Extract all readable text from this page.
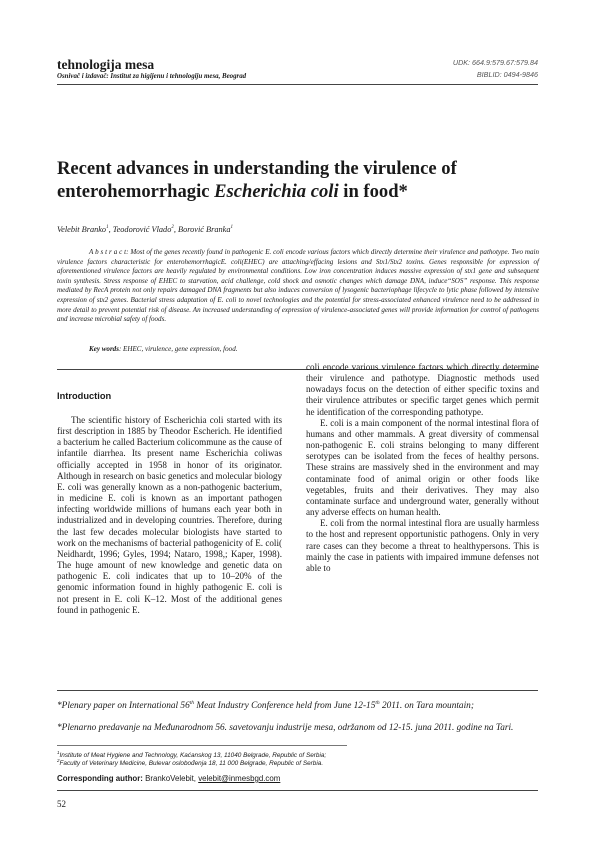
tehnologija mesa
Osnivač i izdavač: Institut za higijenu i tehnologiju mesa, Beograd
UDK: 664.9:579.67:579.84
BIBLID: 0494-9846
Recent advances in understanding the virulence of
enterohemorrhagic Escherichia coli in food*
Velebit Branko$^1$, Teodorović Vlado$^2$, Borović Branka$^1$

A b s t r a c t: Most of the genes recently found in pathogenic E. coli encode various factors which directly determine their virulence and pathotype. Two main virulence factors characteristic for enterohemorrhagicE. coli(EHEC) are attaching/effacing lesions and Stx1/Stx2 toxins. Genes responsible for expression of aforementioned virulence factors are heavily regulated by environmental conditions. Low iron concentration induces massive expression of stx1 gene and subsequent toxin synthesis. Stress response of EHEC to starvation, acid challenge, cold shock and osmotic changes which damage DNA, induce“SOS” response. This response mediated by RecA protein not only repairs damaged DNA fragments but also induces conversion of lysogenic bacteriophage lifecycle to lytic phase followed by intensive expression of stx2 genes. Bacterial stress adaptation of E. coli to novel technologies and the potential for stress-associated enhanced virulence need to be addressed in more detail to prevent potential risk of disease. An increased understanding of expression of virulence-associated genes will provide information for control of pathogens and increase microbial safety of foods.

Key words: EHEC, virulence, gene expression, food.
Introduction

The scientific history of Escherichia coli started with its first description in 1885 by Theodor Escherich. He identified a bacterium he called Bacterium colicommune as the cause of infantile diarrhea. Its present name Escherichia coliwas officially accepted in 1958 in honor of its originator. Although in research on basic genetics and molecular biology E. coli was generally known as a non-pathogenic bacterium, in medicine E. coli is known as an important pathogen infecting worldwide millions of humans each year both in industrialized and in developing countries. Therefore, during the last few decades molecular biologists have started to work on the mechanisms of bacterial pathogenicity of E. coli( Neidhardt, 1996; Gyles, 1994; Nataro, 1998,; Kaper, 1998). The huge amount of new knowledge and genetic data on pathogenic E. coli indicates that up to 10–20% of the genomic information found in highly pathogenic E. coli is not present in E. coli K–12. Most of the additional genes found in pathogenic E.

coli encode various virulence factors which directly determine their virulence and pathotype. Diagnostic methods used nowadays focus on the detection of either specific toxins and their virulence attributes or specific target genes which permit he identification of the corresponding pathotype.

E. coli is a main component of the normal intestinal flora of humans and other mammals. A great diversity of commensal non-pathogenic E. coli strains belonging to many different serotypes can be isolated from the feces of healthy persons. These strains are massively shed in the environment and may contaminate food of animal origin or other foods like vegetables, fruits and their derivatives. They may also contaminate surface and underground water, generally without any adverse effects on human health.

E. coli from the normal intestinal flora are usually harmless to the host and represent opportunistic pathogens. Only in very rare cases can they become a threat to healthypersons. This is mainly the case in patients with impaired immune defenses not able to

*Plenary paper on International 56th Meat Industry Conference held from June 12-15th 2011. on Tara mountain;
*Plenarno predavanje na Međunarodnom 56. savetovanju industrije mesa, održanom od 12-15. juna 2011. godine na Tari.
$^1$Institute of Meat Hygiene and Technology, Kaćanskog 13, 11040 Belgrade, Republic of Serbia;
$^2$Faculty of Veterinary Medicine, Bulevar oslobođenja 18, 11 000 Belgrade, Republic of Serbia.
Corresponding author: BrankoVelebit, velebit@inmesbgd.com
52
